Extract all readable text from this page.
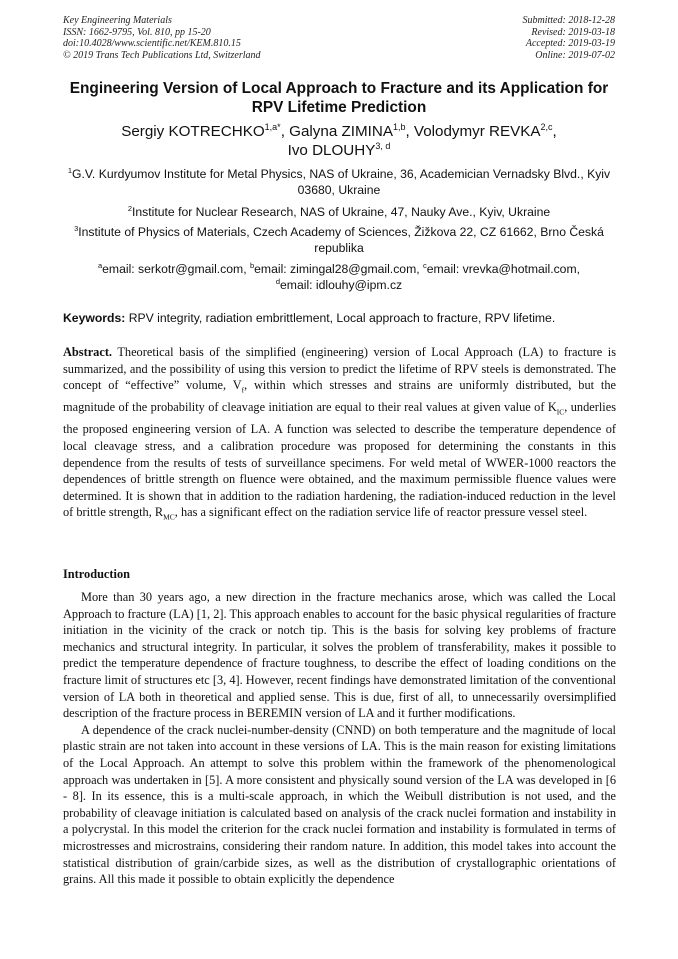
Key Engineering Materials
ISSN: 1662-9795, Vol. 810, pp 15-20
doi:10.4028/www.scientific.net/KEM.810.15
© 2019 Trans Tech Publications Ltd, Switzerland
Submitted: 2018-12-28
Revised: 2019-03-18
Accepted: 2019-03-19
Online: 2019-07-02
Engineering Version of Local Approach to Fracture and its Application for RPV Lifetime Prediction
Sergiy $KOTRECHKO^{1,a*}$, Galyna ZIMINA$^{1,b}$, Volodymyr REVKA$^{2,c}$,
Ivo DLOUHY$^{3, d}$
$^1$G.V. Kurdyumov Institute for Metal Physics, NAS of Ukraine, 36, Academician Vernadsky Blvd., Kyiv 03680, Ukraine
$^2$Institute for Nuclear Research, NAS of Ukraine, 47, Nauky Ave., Kyiv, Ukraine
$^3$Institute of Physics of Materials, Czech Academy of Sciences, Žižkova 22, CZ 61662, Brno Česká republika
$^a$email: serkotr@gmail.com, $^b$email: zimingal28@gmail.com, $^c$email: vrevka@hotmail.com,
$^d$email: idlouhy@ipm.cz
Keywords: RPV integrity, radiation embrittlement, Local approach to fracture, RPV lifetime.
Abstract. Theoretical basis of the simplified (engineering) version of Local Approach (LA) to fracture is summarized, and the possibility of using this version to predict the lifetime of RPV steels is demonstrated. The concept of “effective” volume, $V_f$, within which stresses and strains are uniformly distributed, but the magnitude of the probability of cleavage initiation are equal to their real values at given value of $K_{IC}$, underlies the proposed engineering version of LA. A function was selected to describe the temperature dependence of local cleavage stress, and a calibration procedure was proposed for determining the constants in this dependence from the results of tests of surveillance specimens. For weld metal of WWER-1000 reactors the dependences of brittle strength on fluence were obtained, and the maximum permissible fluence values were determined. It is shown that in addition to the radiation hardening, the radiation-induced reduction in the level of brittle strength, $R_{MC}$, has a significant effect on the radiation service life of reactor pressure vessel steel.
Introduction

More than 30 years ago, a new direction in the fracture mechanics arose, which was called the Local Approach to fracture (LA) [1, 2]. This approach enables to account for the basic physical regularities of fracture initiation in the vicinity of the crack or notch tip. This is the basis for solving key problems of fracture mechanics and structural integrity. In particular, it solves the problem of transferability, makes it possible to predict the temperature dependence of fracture toughness, to describe the effect of loading conditions on the fracture limit of structures etc [3, 4]. However, recent findings have demonstrated limitation of the conventional version of LA both in theoretical and applied sense. This is due, first of all, to unnecessarily oversimplified description of the fracture process in BEREMIN version of LA and it further modifications.

A dependence of the crack nuclei-number-density (CNND) on both temperature and the magnitude of local plastic strain are not taken into account in these versions of LA. This is the main reason for existing limitations of the Local Approach. An attempt to solve this problem within the framework of the phenomenological approach was undertaken in [5]. A more consistent and physically sound version of the LA was developed in [6 - 8]. In its essence, this is a multi-scale approach, in which the Weibull distribution is not used, and the probability of cleavage initiation is calculated based on analysis of the crack nuclei formation and instability in a polycrystal. In this model the criterion for the crack nuclei formation and instability is formulated in terms of microstresses and microstrains, considering their random nature. In addition, this model takes into account the statistical distribution of grain/carbide sizes, as well as the distribution of crystallographic orientations of grains. All this made it possible to obtain explicitly the dependence
